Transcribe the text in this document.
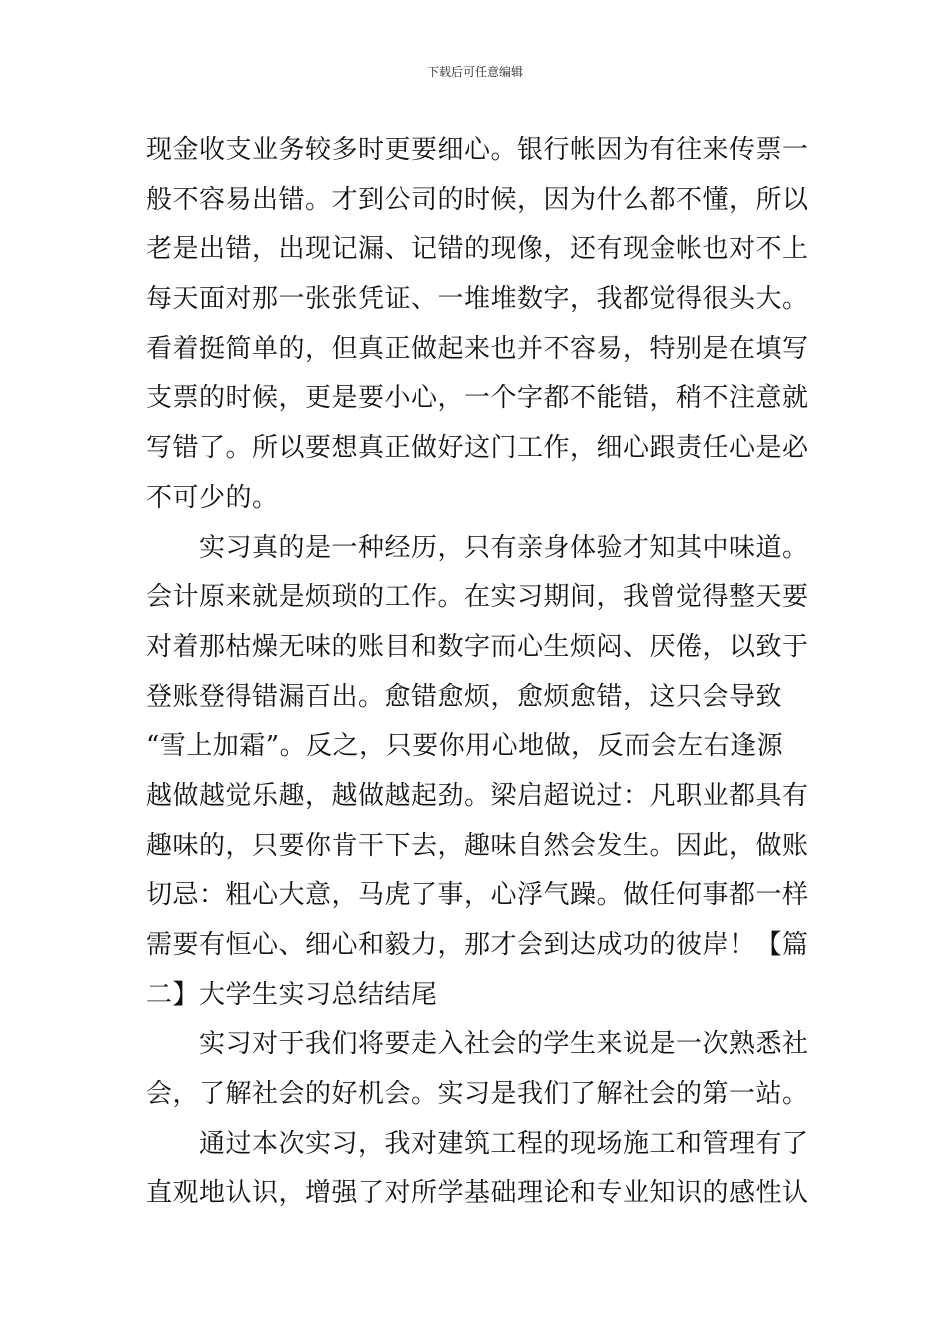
下载后可任意编辑
现金收支业务较多时更要细心。银行帐因为有往来传票一
般不容易出错。才到公司的时候，因为什么都不懂，所以
老是出错，出现记漏、记错的现像，还有现金帐也对不上
每天面对那一张张凭证、一堆堆数字，我都觉得很头大。
看着挺简单的，但真正做起来也并不容易，特别是在填写
支票的时候，更是要小心，一个字都不能错，稍不注意就
写错了。所以要想真正做好这门工作，细心跟责任心是必
不可少的。
　　实习真的是一种经历，只有亲身体验才知其中味道。
会计原来就是烦琐的工作。在实习期间，我曾觉得整天要
对着那枯燥无味的账目和数字而心生烦闷、厌倦，以致于
登账登得错漏百出。愈错愈烦，愈烦愈错，这只会导致
“雪上加霜”。反之，只要你用心地做，反而会左右逢源
越做越觉乐趣，越做越起劲。梁启超说过：凡职业都具有
趣味的，只要你肯干下去，趣味自然会发生。因此，做账
切忌：粗心大意，马虎了事，心浮气躁。做任何事都一样
需要有恒心、细心和毅力，那才会到达成功的彼岸！【篇
二】大学生实习总结结尾
　　实习对于我们将要走入社会的学生来说是一次熟悉社
会，了解社会的好机会。实习是我们了解社会的第一站。
　　通过本次实习，我对建筑工程的现场施工和管理有了
直观地认识，增强了对所学基础理论和专业知识的感性认
